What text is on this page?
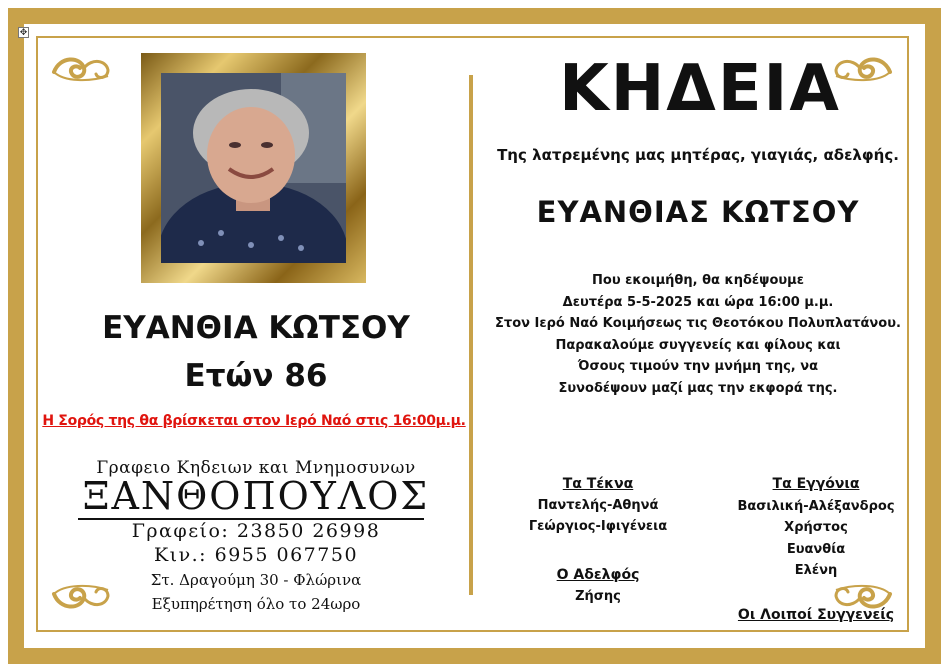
✥
ΚΗΔΕΙΑ
Της λατρεμένης μας μητέρας, γιαγιάς, αδελφής.
ΕΥΑΝΘΙΑΣ ΚΩΤΣΟΥ
Που εκοιμήθη, θα κηδέψουμε
Δευτέρα 5-5-2025 και ώρα 16:00 μ.μ.
Στον Ιερό Ναό Κοιμήσεως τις Θεοτόκου Πολυπλατάνου.
Παρακαλούμε συγγενείς και φίλους και
Όσους τιμούν την μνήμη της, να
Συνοδέψουν μαζί μας την εκφορά της.
Τα Τέκνα
Παντελής-Αθηνά
Γεώργιος-Ιφιγένεια
Ο Αδελφός
Ζήσης
Τα Εγγόνια
Βασιλική-Αλέξανδρος
Χρήστος
Ευανθία
Ελένη
Οι Λοιποί Συγγενείς
ΕΥΑΝΘΙΑ ΚΩΤΣΟΥ
Ετών 86
Η Σορός της θα βρίσκεται στον Ιερό Ναό στις 16:00μ.μ.
Γραφειο Κηδειων και Μνημοσυνων
ΞΑΝΘΟΠΟΥΛΟΣ
Γραφείο: 23850 26998
Κιν.: 6955 067750
Στ. Δραγούμη 30 - Φλώρινα
Εξυπηρέτηση όλο το 24ωρο
